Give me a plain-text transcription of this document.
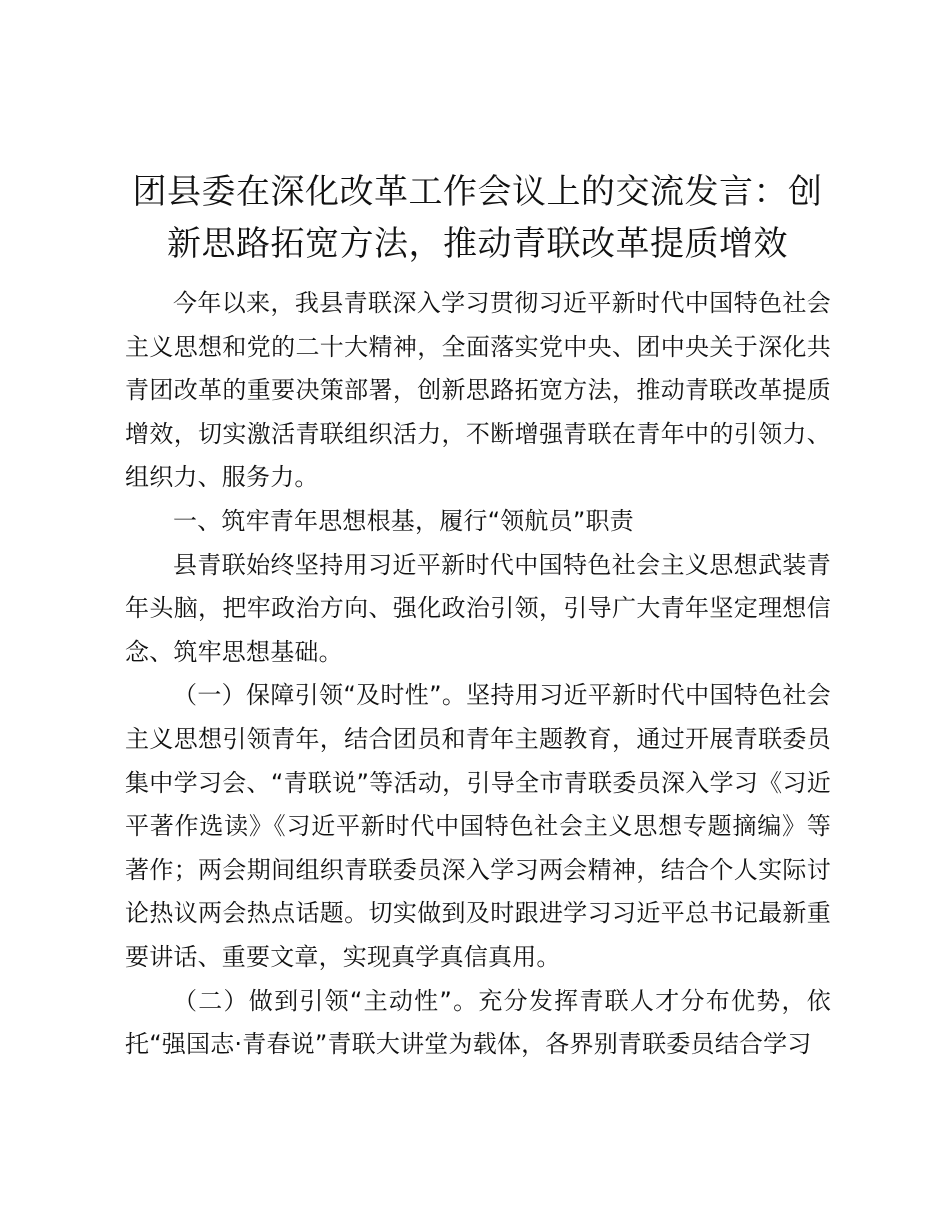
团县委在深化改革工作会议上的交流发言：创新思路拓宽方法，推动青联改革提质增效

今年以来，我县青联深入学习贯彻习近平新时代中国特色社会主义思想和党的二十大精神，全面落实党中央、团中央关于深化共青团改革的重要决策部署，创新思路拓宽方法，推动青联改革提质增效，切实激活青联组织活力，不断增强青联在青年中的引领力、组织力、服务力。

一、筑牢青年思想根基，履行“领航员”职责

县青联始终坚持用习近平新时代中国特色社会主义思想武装青年头脑，把牢政治方向、强化政治引领，引导广大青年坚定理想信念、筑牢思想基础。

（一）保障引领“及时性”。坚持用习近平新时代中国特色社会主义思想引领青年，结合团员和青年主题教育，通过开展青联委员集中学习会、“青联说”等活动，引导全市青联委员深入学习《习近平著作选读》《习近平新时代中国特色社会主义思想专题摘编》等著作；两会期间组织青联委员深入学习两会精神，结合个人实际讨论热议两会热点话题。切实做到及时跟进学习习近平总书记最新重要讲话、重要文章，实现真学真信真用。

（二）做到引领“主动性”。充分发挥青联人才分布优势，依托“强国志·青春说”青联大讲堂为载体，各界别青联委员结合学习
